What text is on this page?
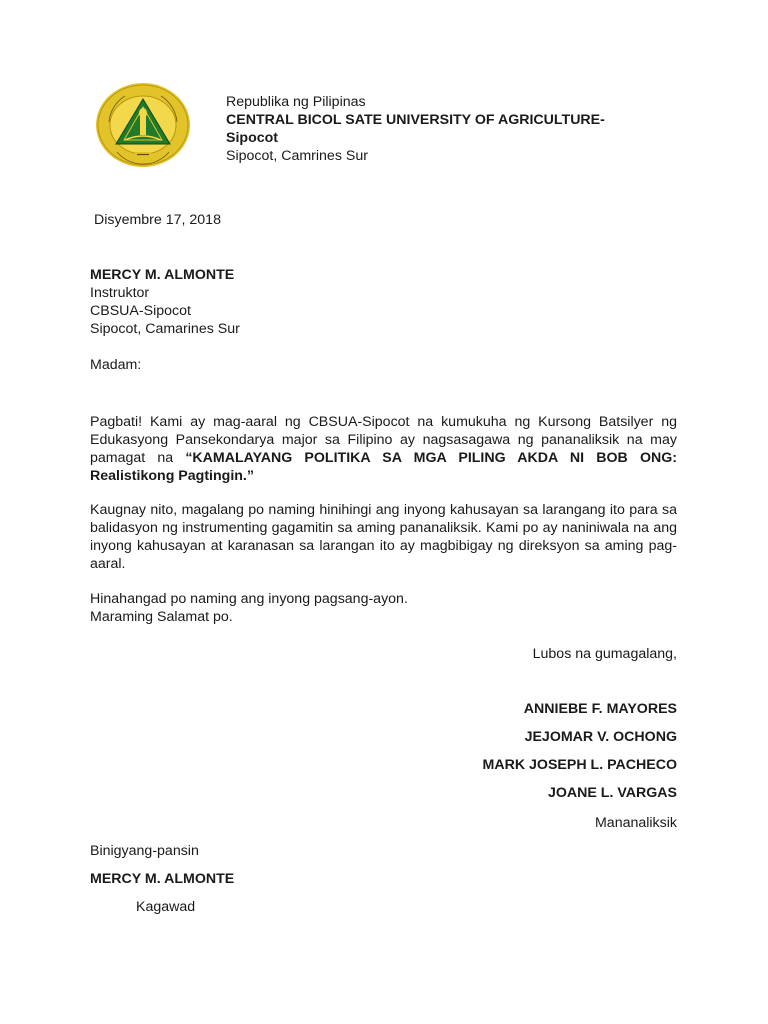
Republika ng Pilipinas
CENTRAL BICOL SATE UNIVERSITY OF AGRICULTURE-
Sipocot
Sipocot, Camrines Sur
Disyembre 17, 2018
MERCY M. ALMONTE
Instruktor
CBSUA-Sipocot
Sipocot, Camarines Sur
Madam:
Pagbati! Kami ay mag-aaral ng CBSUA-Sipocot na kumukuha ng Kursong Batsilyer ng Edukasyong Pansekondarya major sa Filipino ay nagsasagawa ng pananaliksik na may pamagat na “KAMALAYANG POLITIKA SA MGA PILING AKDA NI BOB ONG: Realistikong Pagtingin.”
Kaugnay nito, magalang po naming hinihingi ang inyong kahusayan sa larangang ito para sa balidasyon ng instrumenting gagamitin sa aming pananaliksik. Kami po ay naniniwala na ang inyong kahusayan at karanasan sa larangan ito ay magbibigay ng direksyon sa aming pag-aaral.
Hinahangad po naming ang inyong pagsang-ayon.
Maraming Salamat po.
Lubos na gumagalang,
ANNIEBE F. MAYORES
JEJOMAR V. OCHONG
MARK JOSEPH L. PACHECO
JOANE L. VARGAS
Mananaliksik
Binigyang-pansin
MERCY M. ALMONTE
Kagawad
